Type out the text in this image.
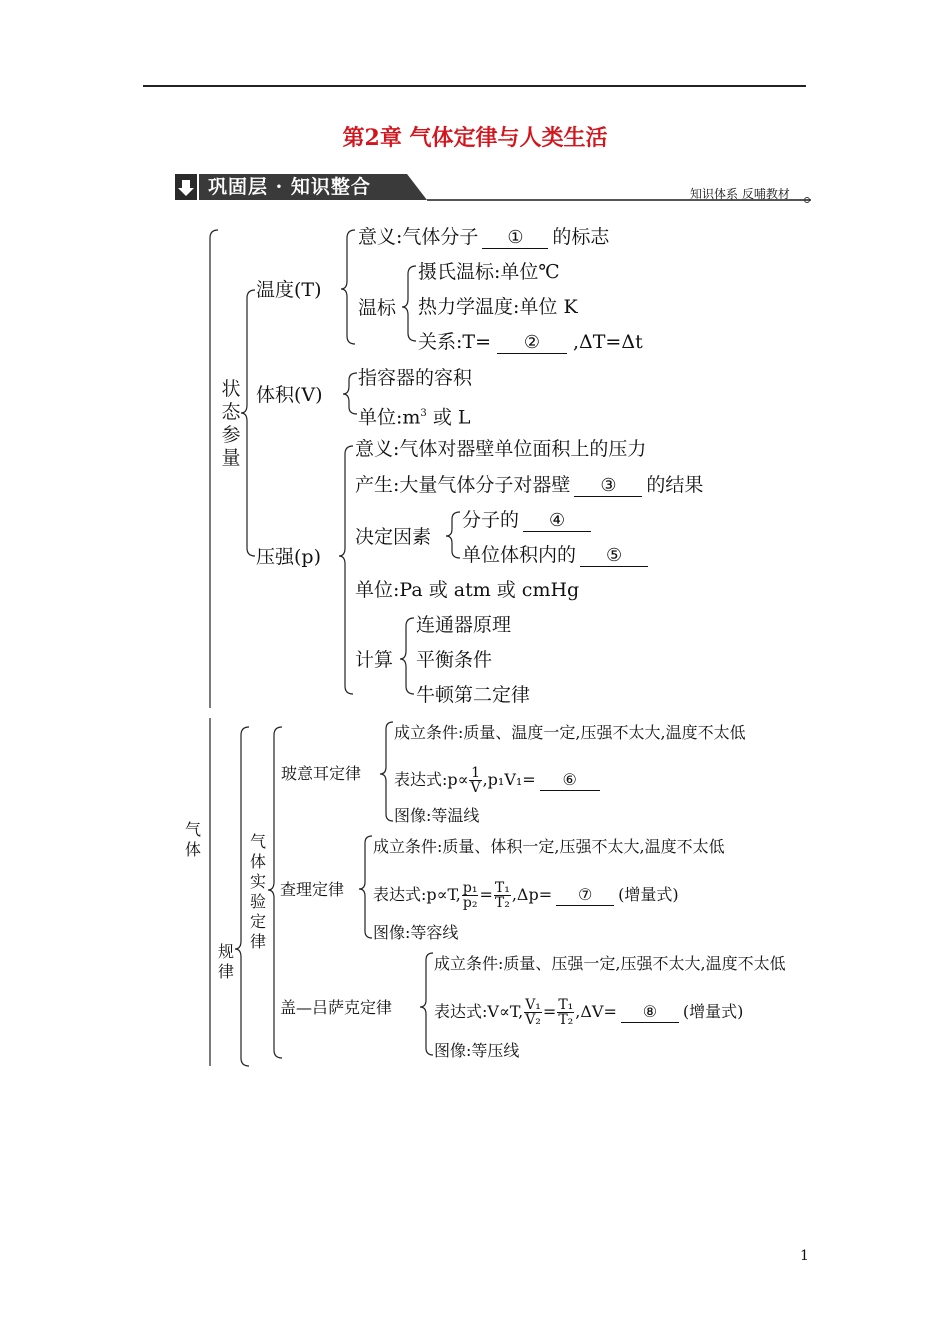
第2章 气体定律与人类生活
巩固层 · 知识整合	知识体系 反哺教材
状态参量
温度(T)
意义:气体分子 ① 的标志
温标
摄氏温标:单位℃
热力学温度:单位 K
关系:T= ② ,ΔT=Δt
体积(V)
指容器的容积
单位$:m^3$ 或 L
压强(p)
意义:气体对器壁单位面积上的压力
产生:大量气体分子对器壁 ③ 的结果
决定因素
分子的 ④
单位体积内的 ⑤
单位:Pa 或 atm 或 cmHg
计算
连通器原理
平衡条件
牛顿第二定律
气体
规律
气体实验定律
玻意耳定律
成立条件:质量、温度一定,压强不太大,温度不太低
表达式:p∝ $\frac{1}{V} ,p_1V_1=$ ⑥
图像:等温线
查理定律
成立条件:质量、体积一定,压强不太大,温度不太低
表达式:p∝T, $\frac{\text{p₁}}{\text{p₂}} = \frac{\text{T₁}}{\text{T₂}} ,\Delta p=$ ⑦ (增量式)
图像:等容线
盖—吕萨克定律
成立条件:质量、压强一定,压强不太大,温度不太低
表达式:V∝T, $\frac{\text{V₁}}{\text{V₂}} = \frac{\text{T₁}}{\text{T₂}} ,\Delta V=$ ⑧ (增量式)
图像:等压线
1
